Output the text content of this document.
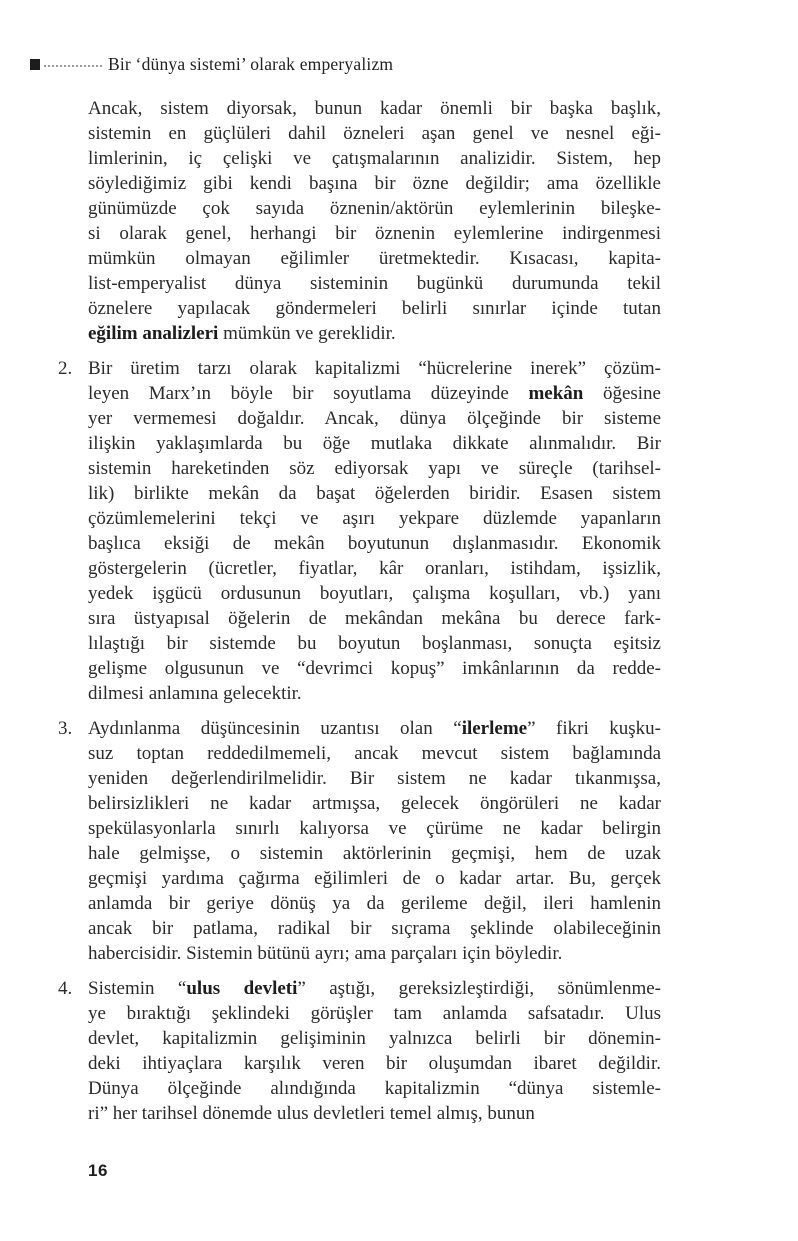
Bir ‘dünya sistemi’ olarak emperyalizm
Ancak, sistem diyorsak, bunun kadar önemli bir başka başlık,
sistemin en güçlüleri dahil özneleri aşan genel ve nesnel eği-
limlerinin, iç çelişki ve çatışmalarının analizidir. Sistem, hep
söylediğimiz gibi kendi başına bir özne değildir; ama özellikle
günümüzde çok sayıda öznenin/aktörün eylemlerinin bileşke-
si olarak genel, herhangi bir öznenin eylemlerine indirgenmesi
mümkün olmayan eğilimler üretmektedir. Kısacası, kapita-
list-emperyalist dünya sisteminin bugünkü durumunda tekil
öznelere yapılacak göndermeleri belirli sınırlar içinde tutan
eğilim analizleri mümkün ve gereklidir.
2. Bir üretim tarzı olarak kapitalizmi “hücrelerine inerek” çözüm-
leyen Marx’ın böyle bir soyutlama düzeyinde mekân öğesine
yer vermemesi doğaldır. Ancak, dünya ölçeğinde bir sisteme
ilişkin yaklaşımlarda bu öğe mutlaka dikkate alınmalıdır. Bir
sistemin hareketinden söz ediyorsak yapı ve süreçle (tarihsel-
lik) birlikte mekân da başat öğelerden biridir. Esasen sistem
çözümlemelerini tekçi ve aşırı yekpare düzlemde yapanların
başlıca eksiği de mekân boyutunun dışlanmasıdır. Ekonomik
göstergelerin (ücretler, fiyatlar, kâr oranları, istihdam, işsizlik,
yedek işgücü ordusunun boyutları, çalışma koşulları, vb.) yanı
sıra üstyapısal öğelerin de mekândan mekâna bu derece fark-
lılaştığı bir sistemde bu boyutun boşlanması, sonuçta eşitsiz
gelişme olgusunun ve “devrimci kopuş” imkânlarının da redde-
dilmesi anlamına gelecektir.
3. Aydınlanma düşüncesinin uzantısı olan “ilerleme” fikri kuşku-
suz toptan reddedilmemeli, ancak mevcut sistem bağlamında
yeniden değerlendirilmelidir. Bir sistem ne kadar tıkanmışsa,
belirsizlikleri ne kadar artmışsa, gelecek öngörüleri ne kadar
spekülasyonlarla sınırlı kalıyorsa ve çürüme ne kadar belirgin
hale gelmişse, o sistemin aktörlerinin geçmişi, hem de uzak
geçmişi yardıma çağırma eğilimleri de o kadar artar. Bu, gerçek
anlamda bir geriye dönüş ya da gerileme değil, ileri hamlenin
ancak bir patlama, radikal bir sıçrama şeklinde olabileceğinin
habercisidir. Sistemin bütünü ayrı; ama parçaları için böyledir.
4. Sistemin “ulus devleti” aştığı, gereksizleştirdiği, sönümlenme-
ye bıraktığı şeklindeki görüşler tam anlamda safsatadır. Ulus
devlet, kapitalizmin gelişiminin yalnızca belirli bir dönemin-
deki ihtiyaçlara karşılık veren bir oluşumdan ibaret değildir.
Dünya ölçeğinde alındığında kapitalizmin “dünya sistemle-
ri” her tarihsel dönemde ulus devletleri temel almış, bunun
16
